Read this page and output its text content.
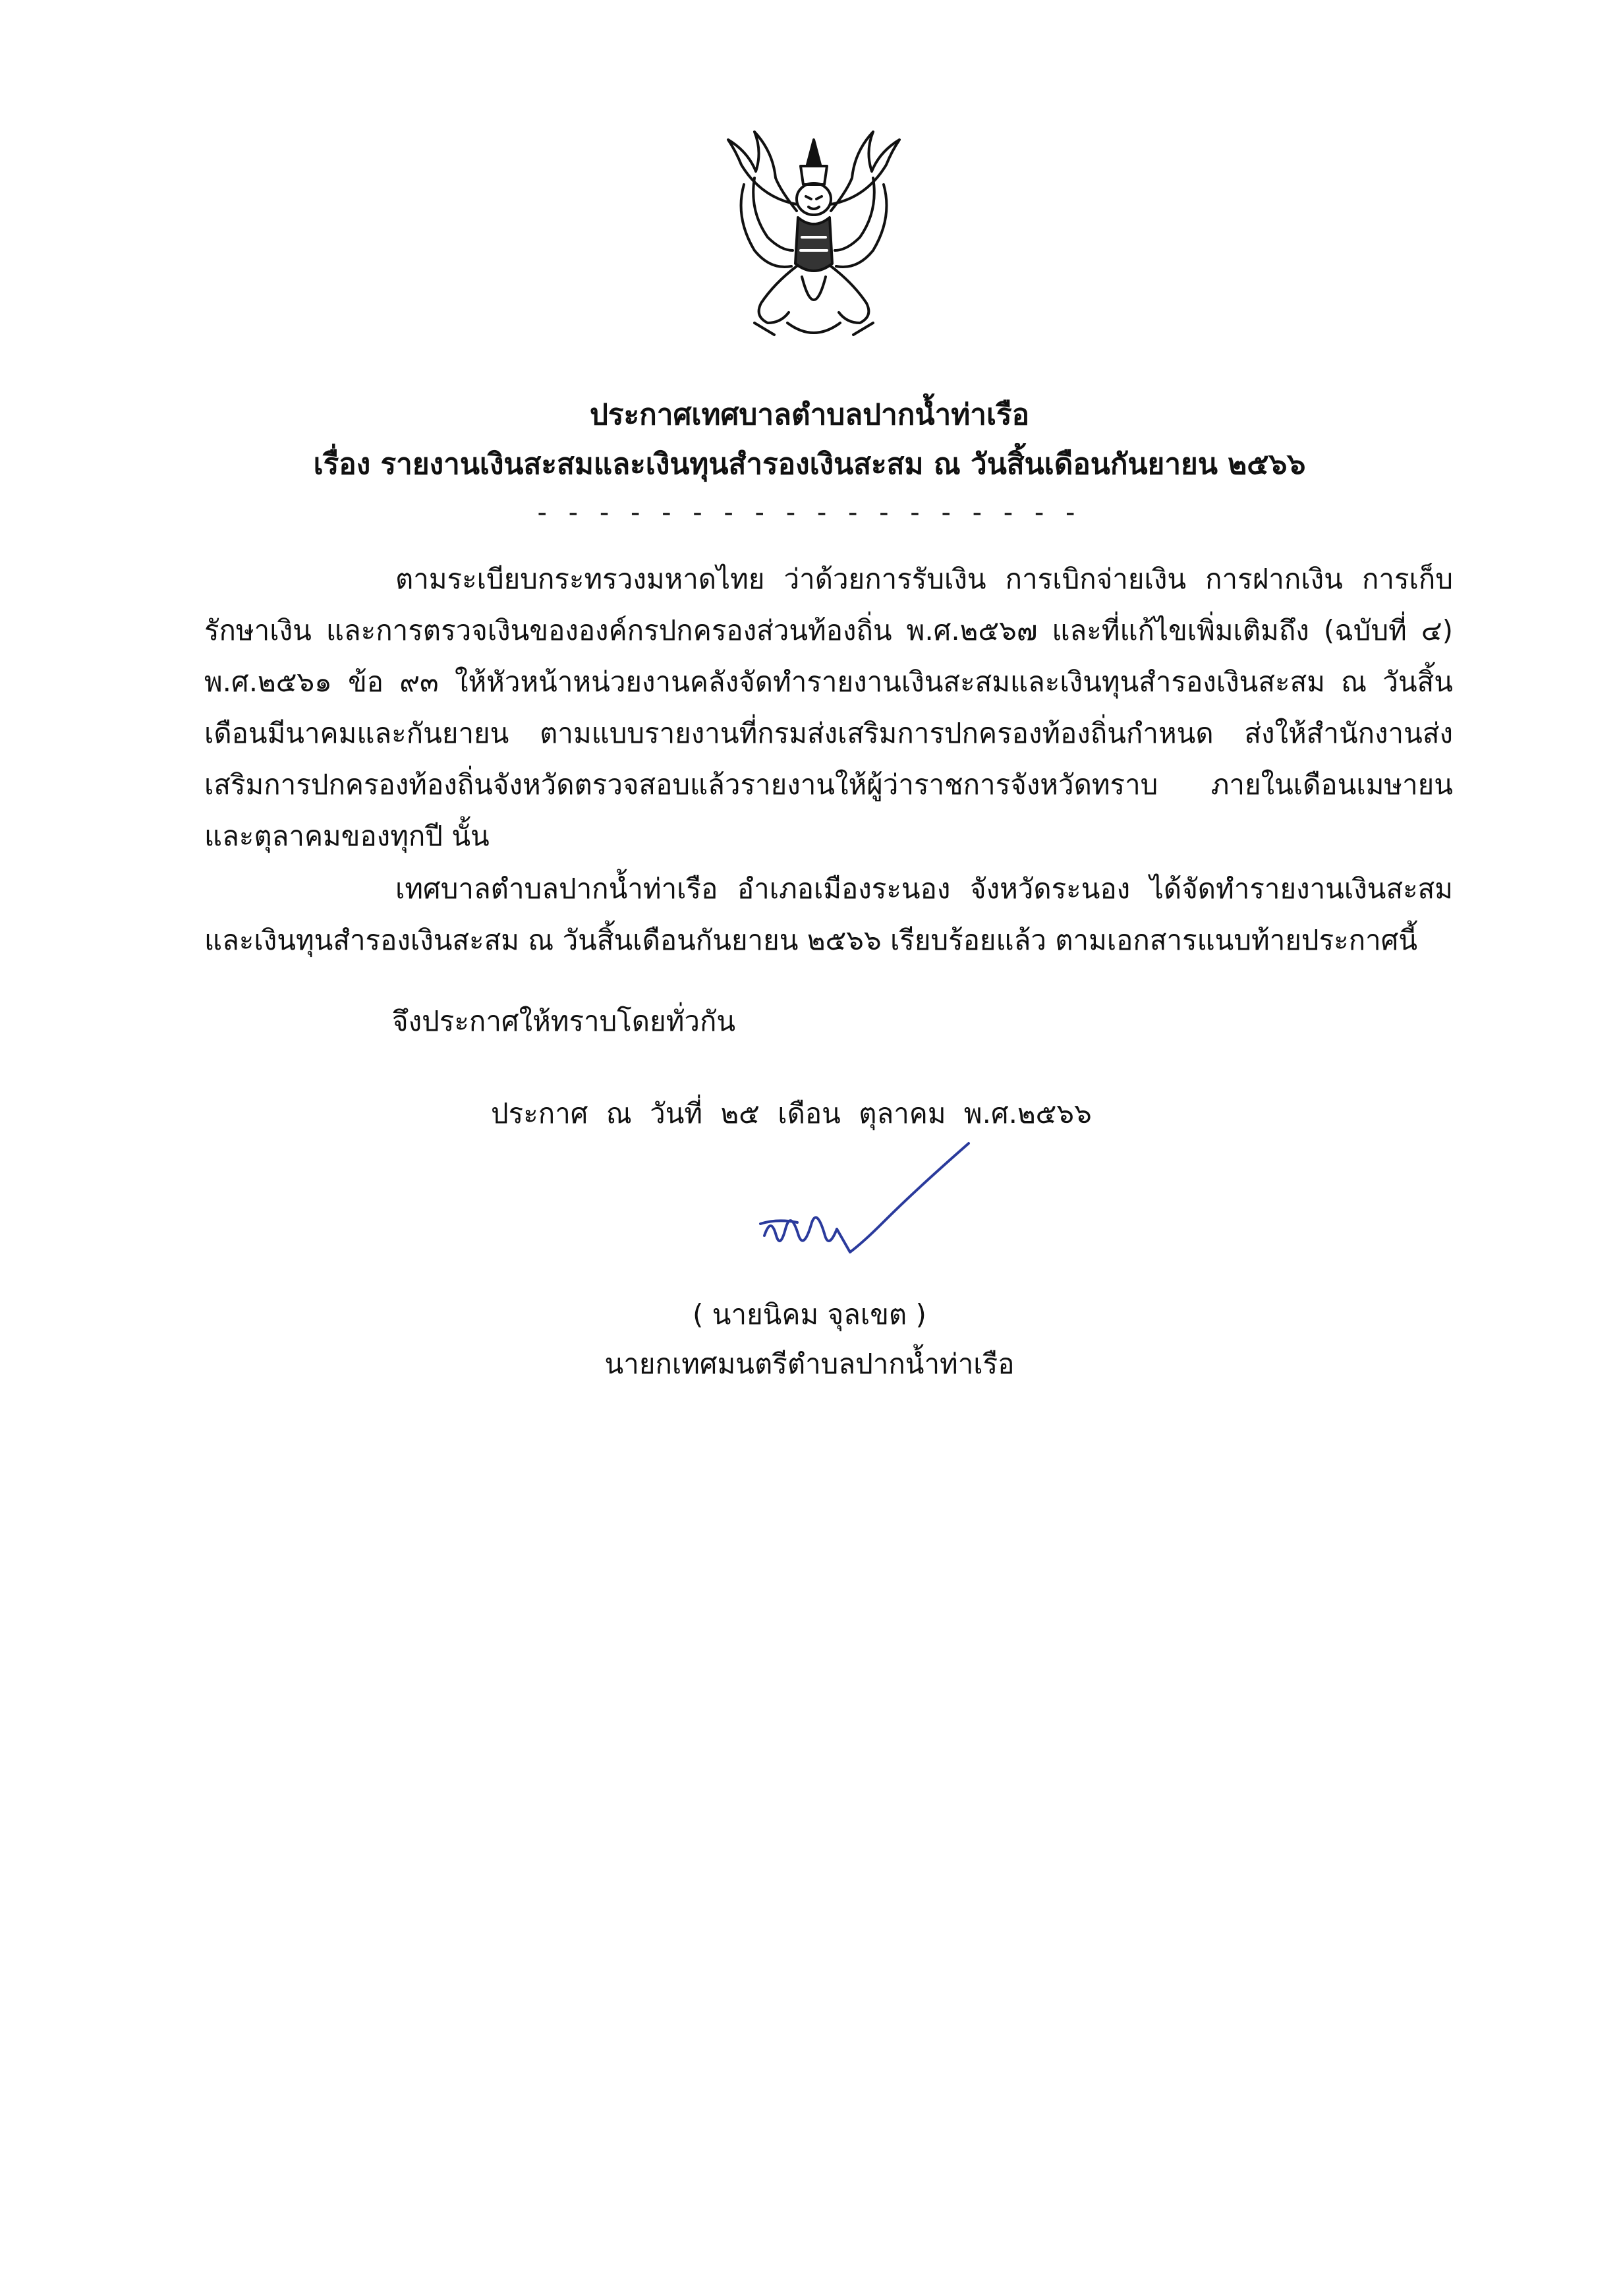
ประกาศเทศบาลตำบลปากน้ำท่าเรือ
เรื่อง รายงานเงินสะสมและเงินทุนสำรองเงินสะสม ณ วันสิ้นเดือนกันยายน ๒๕๖๖
- - - - - - - - - - - - - - - - - -
ตามระเบียบกระทรวงมหาดไทย ว่าด้วยการรับเงิน การเบิกจ่ายเงิน การฝากเงิน การเก็บรักษาเงิน และการตรวจเงินขององค์กรปกครองส่วนท้องถิ่น พ.ศ.๒๕๖๗ และที่แก้ไขเพิ่มเติมถึง (ฉบับที่ ๔) พ.ศ.๒๕๖๑ ข้อ ๙๓ ให้หัวหน้าหน่วยงานคลังจัดทำรายงานเงินสะสมและเงินทุนสำรองเงินสะสม ณ วันสิ้นเดือนมีนาคมและกันยายน ตามแบบรายงานที่กรมส่งเสริมการปกครองท้องถิ่นกำหนด ส่งให้สำนักงานส่งเสริมการปกครองท้องถิ่นจังหวัดตรวจสอบแล้วรายงานให้ผู้ว่าราชการจังหวัดทราบ ภายในเดือนเมษายนและตุลาคมของทุกปี นั้น
เทศบาลตำบลปากน้ำท่าเรือ อำเภอเมืองระนอง จังหวัดระนอง ได้จัดทำรายงานเงินสะสมและเงินทุนสำรองเงินสะสม ณ วันสิ้นเดือนกันยายน ๒๕๖๖ เรียบร้อยแล้ว ตามเอกสารแนบท้ายประกาศนี้
จึงประกาศให้ทราบโดยทั่วกัน
ประกาศ ณ วันที่ ๒๕ เดือน ตุลาคม พ.ศ.๒๕๖๖
( นายนิคม จุลเขต )
นายกเทศมนตรีตำบลปากน้ำท่าเรือ
